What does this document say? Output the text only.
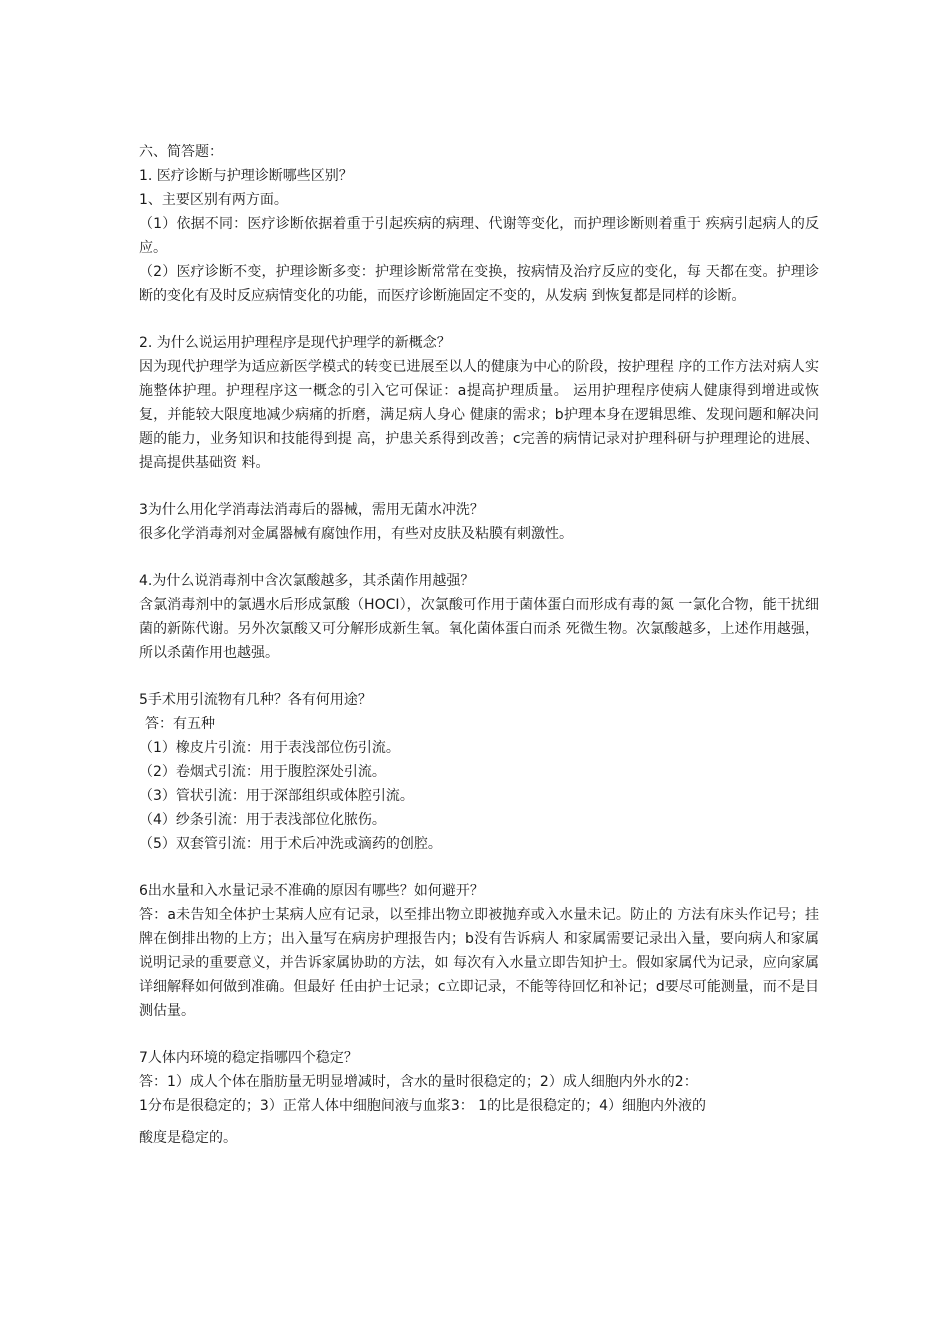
六、简答题：

1. 医疗诊断与护理诊断哪些区别？

1、主要区别有两方面。

（1）依据不同：医疗诊断依据着重于引起疾病的病理、代谢等变化，而护理诊断则着重于 疾病引起病人的反应。

（2）医疗诊断不变，护理诊断多变：护理诊断常常在变换，按病情及治疗反应的变化，每 天都在变。护理诊断的变化有及时反应病情变化的功能，而医疗诊断施固定不变的，从发病 到恢复都是同样的诊断。

2. 为什么说运用护理程序是现代护理学的新概念？

因为现代护理学为适应新医学模式的转变已进展至以人的健康为中心的阶段，按护理程 序的工作方法对病人实施整体护理。护理程序这一概念的引入它可保证：a提高护理质量。 运用护理程序使病人健康得到增进或恢复，并能较大限度地减少病痛的折磨，满足病人身心 健康的需求；b护理本身在逻辑思维、发现问题和解决问题的能力，业务知识和技能得到提 高，护患关系得到改善；c完善的病情记录对护理科研与护理理论的进展、提高提供基础资 料。

3为什么用化学消毒法消毒后的器械，需用无菌水冲洗？

很多化学消毒剂对金属器械有腐蚀作用，有些对皮肤及粘膜有刺激性。

4.为什么说消毒剂中含次氯酸越多，其杀菌作用越强？

含氯消毒剂中的氯遇水后形成氯酸（HOCI），次氯酸可作用于菌体蛋白而形成有毒的氮 一氯化合物，能干扰细菌的新陈代谢。另外次氯酸又可分解形成新生氧。氧化菌体蛋白而杀 死微生物。次氯酸越多，上述作用越强，所以杀菌作用也越强。

5手术用引流物有几种？各有何用途？

答：有五种

（1）橡皮片引流：用于表浅部位伤引流。

（2）卷烟式引流：用于腹腔深处引流。

（3）管状引流：用于深部组织或体腔引流。

（4）纱条引流：用于表浅部位化脓伤。

（5）双套管引流：用于术后冲洗或滴药的创腔。

6出水量和入水量记录不准确的原因有哪些？如何避开？

答：a未告知全体护士某病人应有记录，以至排出物立即被抛弃或入水量未记。防止的 方法有床头作记号；挂牌在倒排出物的上方；出入量写在病房护理报告内；b没有告诉病人 和家属需要记录出入量，要向病人和家属说明记录的重要意义，并告诉家属协助的方法，如 每次有入水量立即告知护士。假如家属代为记录，应向家属详细解释如何做到准确。但最好 任由护士记录；c立即记录，不能等待回忆和补记；d要尽可能测量，而不是目测估量。

7人体内环境的稳定指哪四个稳定？

答：1）成人个体在脂肪量无明显增减时，含水的量时很稳定的；2）成人细胞内外水的2：

1分布是很稳定的；3）正常人体中细胞间液与血浆3： 1的比是很稳定的；4）细胞内外液的

酸度是稳定的。
